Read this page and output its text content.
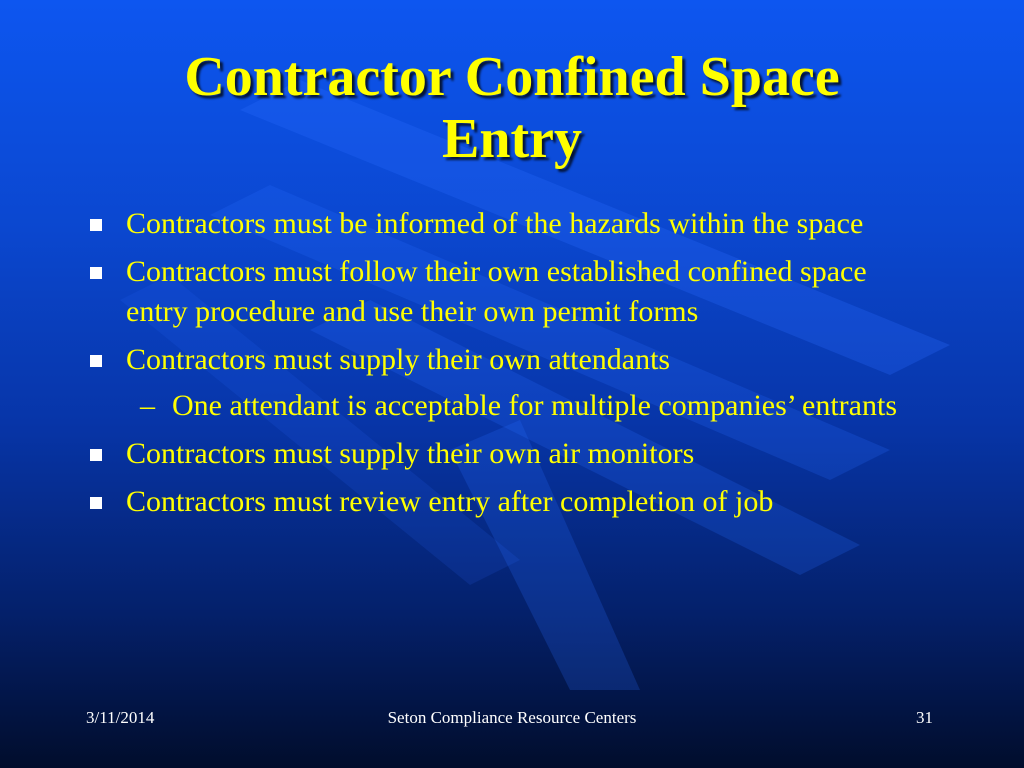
Contractor Confined Space
Entry
Contractors must be informed of the hazards within the space
Contractors must follow their own established confined space entry procedure and use their own permit forms
Contractors must supply their own attendants
– One attendant is acceptable for multiple companies’ entrants
Contractors must supply their own air monitors
Contractors must review entry after completion of job
3/11/2014	Seton Compliance Resource Centers	31
